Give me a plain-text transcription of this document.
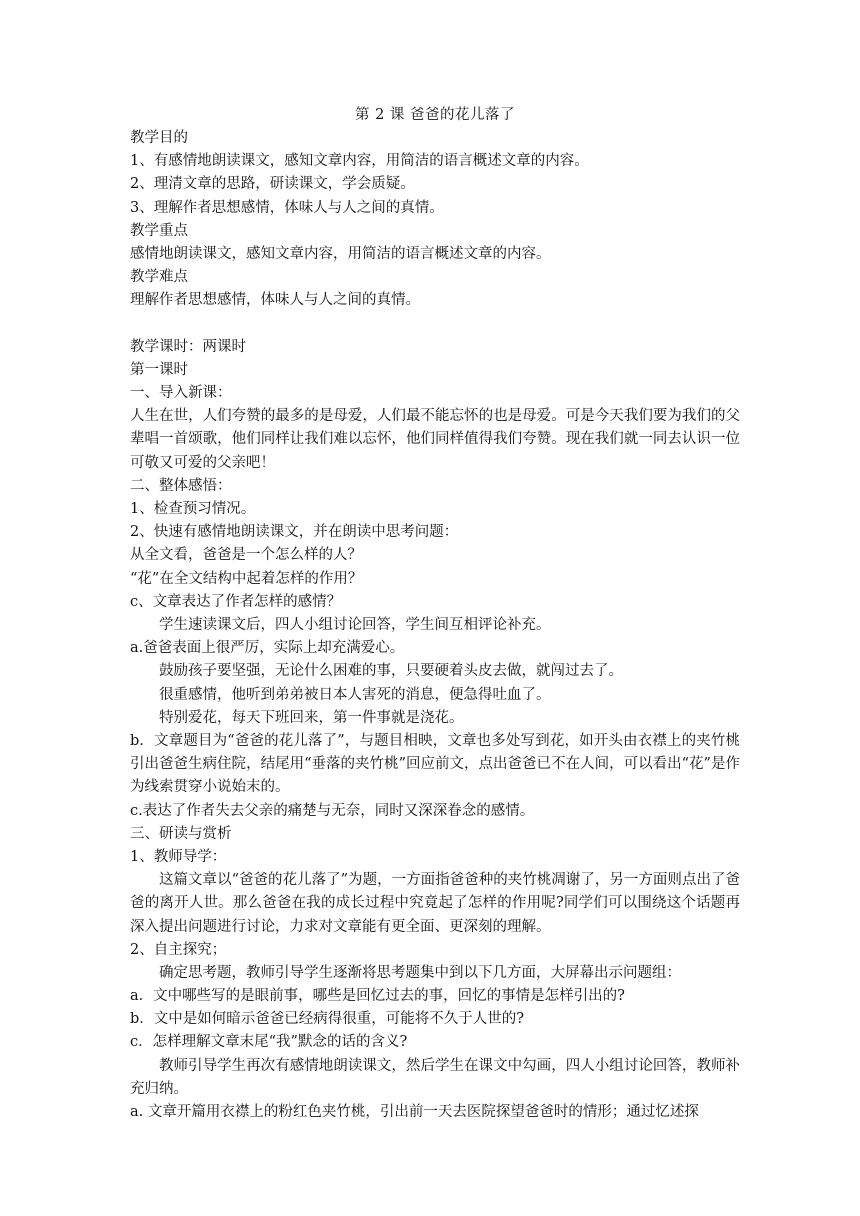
第 2 课 爸爸的花儿落了
教学目的
1、有感情地朗读课文，感知文章内容，用简洁的语言概述文章的内容。
2、理清文章的思路，研读课文，学会质疑。
3、理解作者思想感情，体味人与人之间的真情。
教学重点
感情地朗读课文，感知文章内容，用简洁的语言概述文章的内容。
教学难点
理解作者思想感情，体味人与人之间的真情。
教学课时：两课时
第一课时
一、导入新课：
人生在世，人们夸赞的最多的是母爱，人们最不能忘怀的也是母爱。可是今天我们要为我们的父辈唱一首颂歌，他们同样让我们难以忘怀，他们同样值得我们夸赞。现在我们就一同去认识一位可敬又可爱的父亲吧！
二、整体感悟：
1、检查预习情况。
2、快速有感情地朗读课文，并在朗读中思考问题：
从全文看，爸爸是一个怎么样的人？
“花”在全文结构中起着怎样的作用？
c、文章表达了作者怎样的感情？
学生速读课文后，四人小组讨论回答，学生间互相评论补充。
a.爸爸表面上很严厉，实际上却充满爱心。
鼓励孩子要坚强，无论什么困难的事，只要硬着头皮去做，就闯过去了。
很重感情，他听到弟弟被日本人害死的消息，便急得吐血了。
特别爱花，每天下班回来，第一件事就是浇花。
b．文章题目为“爸爸的花儿落了”，与题目相映，文章也多处写到花，如开头由衣襟上的夹竹桃引出爸爸生病住院，结尾用“垂落的夹竹桃”回应前文，点出爸爸已不在人间，可以看出“花”是作为线索贯穿小说始末的。
c.表达了作者失去父亲的痛楚与无奈，同时又深深眷念的感情。
三、研读与赏析
1、教师导学：
这篇文章以“爸爸的花儿落了”为题，一方面指爸爸种的夹竹桃凋谢了，另一方面则点出了爸爸的离开人世。那么爸爸在我的成长过程中究竟起了怎样的作用呢?同学们可以围绕这个话题再深入提出问题进行讨论，力求对文章能有更全面、更深刻的理解。
2、自主探究；
确定思考题，教师引导学生逐渐将思考题集中到以下几方面，大屏幕出示问题组：
a．文中哪些写的是眼前事，哪些是回忆过去的事，回忆的事情是怎样引出的?
b．文中是如何暗示爸爸已经病得很重，可能将不久于人世的?
c．怎样理解文章末尾“我”默念的话的含义?
教师引导学生再次有感情地朗读课文，然后学生在课文中勾画，四人小组讨论回答，教师补充归纳。
a. 文章开篇用衣襟上的粉红色夹竹桃，引出前一天去医院探望爸爸时的情形；通过忆述探
